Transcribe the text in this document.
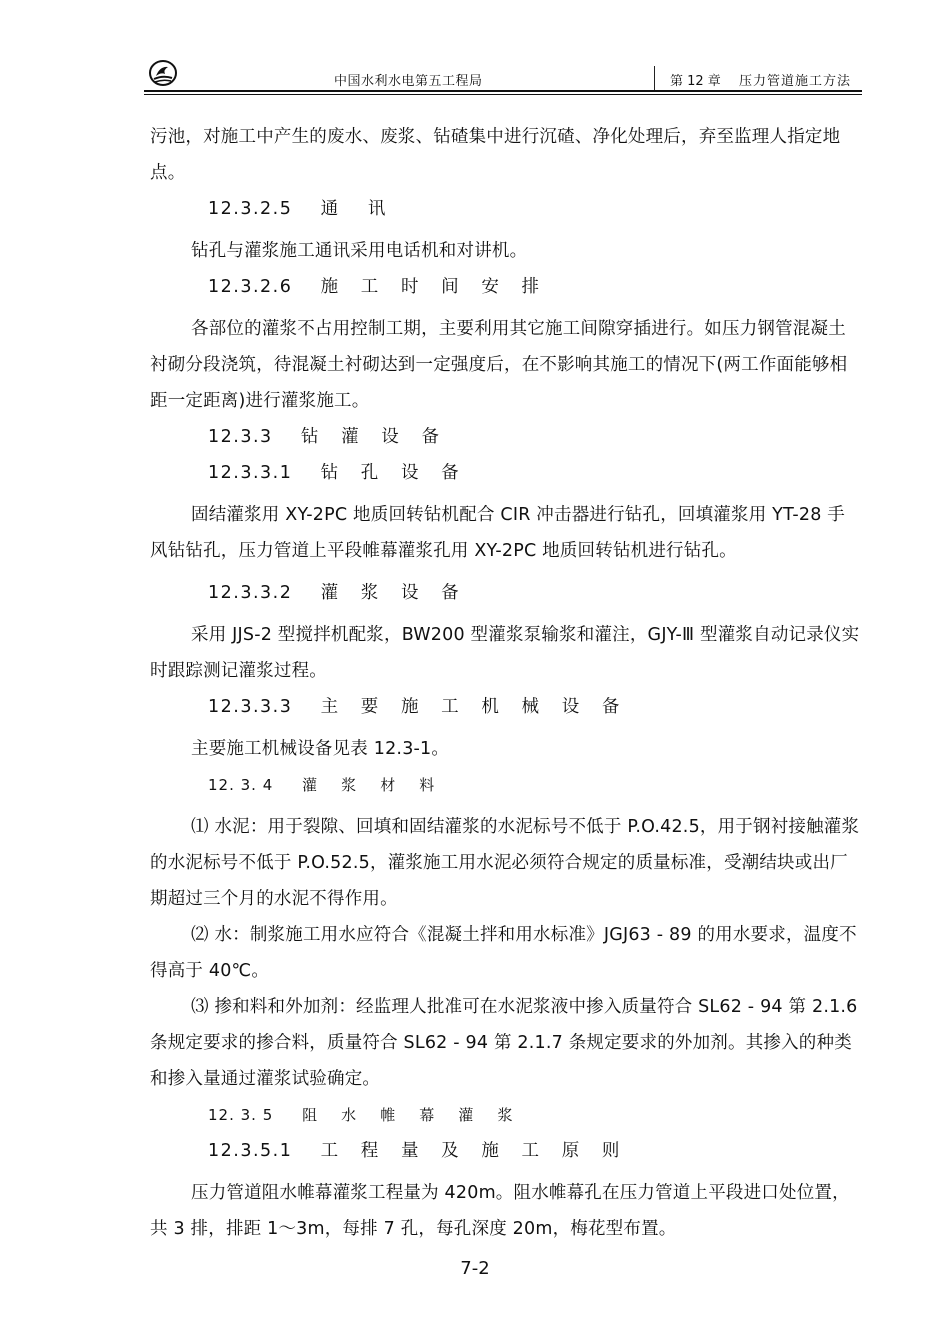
中国水利水电第五工程局	第 12 章 压力管道施工方法

污池，对施工中产生的废水、废浆、钻碴集中进行沉碴、净化处理后，弃至监理人指定地点。

12.3.2.5    通    讯

钻孔与灌浆施工通讯采用电话机和对讲机。

12.3.2.6    施   工   时   间   安   排

各部位的灌浆不占用控制工期，主要利用其它施工间隙穿插进行。如压力钢管混凝土衬砌分段浇筑，待混凝土衬砌达到一定强度后，在不影响其施工的情况下(两工作面能够相距一定距离)进行灌浆施工。

12.3.3    钻   灌   设   备

12.3.3.1    钻   孔   设   备

固结灌浆用 XY-2PC 地质回转钻机配合 CIR 冲击器进行钻孔，回填灌浆用 YT-28 手风钻钻孔，压力管道上平段帷幕灌浆孔用 XY-2PC 地质回转钻机进行钻孔。

12.3.3.2    灌   浆   设   备

采用 JJS-2 型搅拌机配浆，BW200 型灌浆泵输浆和灌注，GJY-Ⅲ 型灌浆自动记录仪实时跟踪测记灌浆过程。

12.3.3.3    主   要   施   工   机   械   设   备

主要施工机械设备见表 12.3-1。

12. 3. 4     灌    浆    材    料

⑴ 水泥：用于裂隙、回填和固结灌浆的水泥标号不低于 P.O.42.5，用于钢衬接触灌浆的水泥标号不低于 P.O.52.5，灌浆施工用水泥必须符合规定的质量标准，受潮结块或出厂期超过三个月的水泥不得作用。

⑵ 水：制浆施工用水应符合《混凝土拌和用水标准》JGJ63 - 89 的用水要求，温度不得高于 40℃。

⑶ 掺和料和外加剂：经监理人批准可在水泥浆液中掺入质量符合 SL62 - 94 第 2.1.6 条规定要求的掺合料，质量符合 SL62 - 94 第 2.1.7 条规定要求的外加剂。其掺入的种类和掺入量通过灌浆试验确定。

12. 3. 5     阻    水    帷    幕    灌    浆

12.3.5.1    工   程   量   及   施   工   原   则

压力管道阻水帷幕灌浆工程量为 420m。阻水帷幕孔在压力管道上平段进口处位置，共 3 排，排距 1～3m，每排 7 孔，每孔深度 20m，梅花型布置。

7-2
